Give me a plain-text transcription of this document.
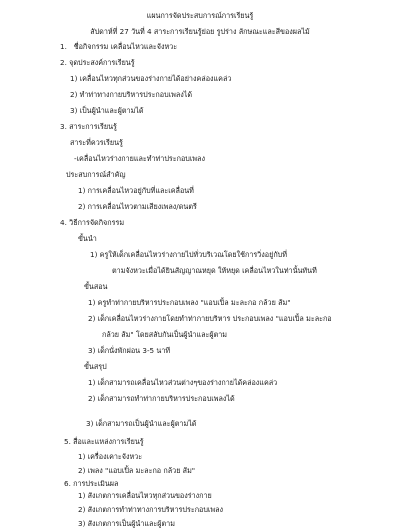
แผนการจัดประสบการณ์การเรียนรู้
สัปดาห์ที่ 27 วันที่ 4 สาระการเรียนรู้ย่อย รูปร่าง ลักษณะและสีของผลไม้
1. ชื่อกิจกรรม เคลื่อนไหวและจังหวะ
2. จุดประสงค์การเรียนรู้
1) เคลื่อนไหวทุกส่วนของร่างกายได้อย่างคล่องแคล่ว
2) ทำท่าทางกายบริหารประกอบเพลงได้
3) เป็นผู้นำและผู้ตามได้
3. สาระการเรียนรู้
สาระที่ควรเรียนรู้
-เคลื่อนไหวร่างกายและทำท่าประกอบเพลง
ประสบการณ์สำคัญ
1) การเคลื่อนไหวอยู่กับที่และเคลื่อนที่
2) การเคลื่อนไหวตามเสียงเพลง/ดนตรี
4. วิธีการจัดกิจกรรม
ขั้นนำ
1) ครูให้เด็กเคลื่อนไหวร่างกายไปทั่วบริเวณโดยใช้การวิ่งอยู่กับที่
ตามจังหวะเมื่อได้ยินสัญญาณหยุด ให้หยุด เคลื่อนไหวในท่านั้นทันที
ขั้นสอน
1) ครูทำท่ากายบริหารประกอบเพลง "แอบเปิ้ล มะละกอ กล้วย ส้ม"
2) เด็กเคลื่อนไหวร่างกายโดยทำท่ากายบริหาร ประกอบเพลง "แอบเปิ้ล มะละกอ
กล้วย ส้ม" โดยสลับกันเป็นผู้นำและผู้ตาม
3) เด็กนั่งพักผ่อน 3-5 นาที
ขั้นสรุป
1) เด็กสามารถเคลื่อนไหวส่วนต่างๆของร่างกายได้คล่องแคล่ว
2) เด็กสามารถทำท่ากายบริหารประกอบเพลงได้
3) เด็กสามารถเป็นผู้นำและผู้ตามได้
5. สื่อและแหล่งการเรียนรู้
1) เครื่องเคาะจังหวะ
2) เพลง "แอบเปิ้ล มะละกอ กล้วย ส้ม"
6. การประเมินผล
1) สังเกตการเคลื่อนไหวทุกส่วนของร่างกาย
2) สังเกตการทำท่าทางการบริหารประกอบเพลง
3) สังเกตการเป็นผู้นำและผู้ตาม
